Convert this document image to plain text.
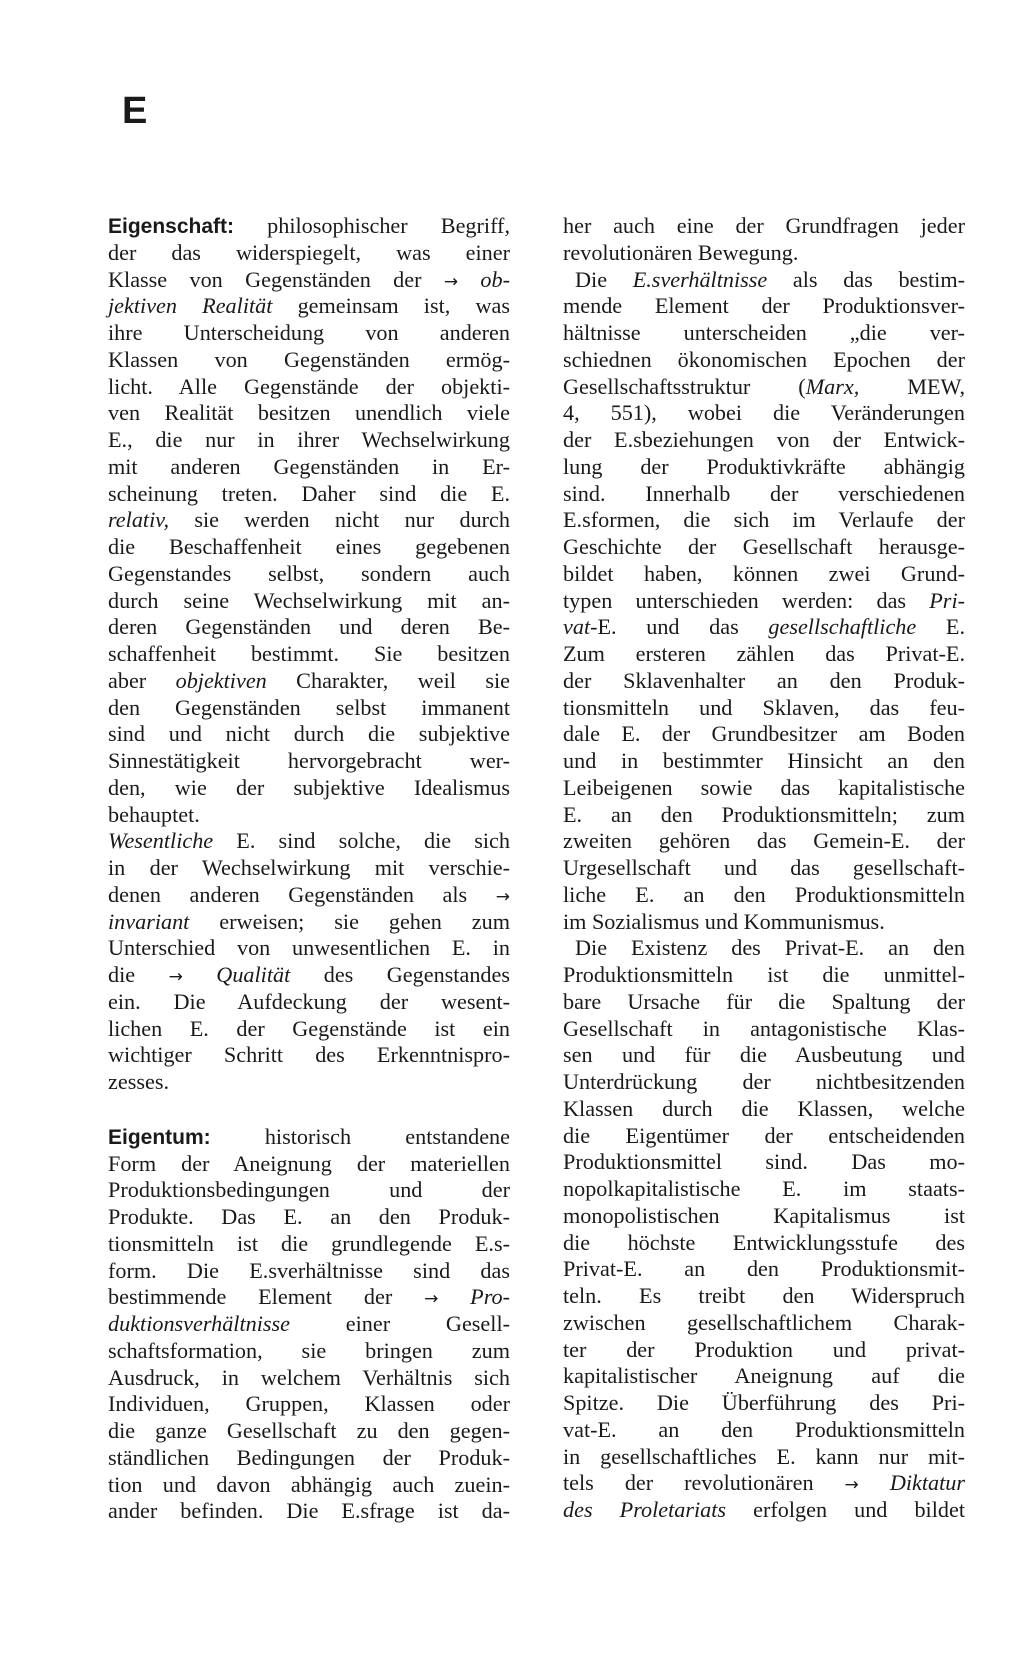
E
Eigenschaft: philosophischer Begriff,
der das widerspiegelt, was einer
Klasse von Gegenständen der → ob-
jektiven Realität gemeinsam ist, was
ihre Unterscheidung von anderen
Klassen von Gegenständen ermög-
licht. Alle Gegenstände der objekti-
ven Realität besitzen unendlich viele
E., die nur in ihrer Wechselwirkung
mit anderen Gegenständen in Er-
scheinung treten. Daher sind die E.
relativ, sie werden nicht nur durch
die Beschaffenheit eines gegebenen
Gegenstandes selbst, sondern auch
durch seine Wechselwirkung mit an-
deren Gegenständen und deren Be-
schaffenheit bestimmt. Sie besitzen
aber objektiven Charakter, weil sie
den Gegenständen selbst immanent
sind und nicht durch die subjektive
Sinnestätigkeit hervorgebracht wer-
den, wie der subjektive Idealismus
behauptet.
Wesentliche E. sind solche, die sich
in der Wechselwirkung mit verschie-
denen anderen Gegenständen als →
invariant erweisen; sie gehen zum
Unterschied von unwesentlichen E. in
die → Qualität des Gegenstandes
ein. Die Aufdeckung der wesent-
lichen E. der Gegenstände ist ein
wichtiger Schritt des Erkenntnispro-
zesses.
Eigentum: historisch entstandene
Form der Aneignung der materiellen
Produktionsbedingungen und der
Produkte. Das E. an den Produk-
tionsmitteln ist die grundlegende E.s-
form. Die E.sverhältnisse sind das
bestimmende Element der → Pro-
duktionsverhältnisse einer Gesell-
schaftsformation, sie bringen zum
Ausdruck, in welchem Verhältnis sich
Individuen, Gruppen, Klassen oder
die ganze Gesellschaft zu den gegen-
ständlichen Bedingungen der Produk-
tion und davon abhängig auch zuein-
ander befinden. Die E.sfrage ist da-
her auch eine der Grundfragen jeder
revolutionären Bewegung.
Die E.sverhältnisse als das bestim-
mende Element der Produktionsver-
hältnisse unterscheiden „die ver-
schiednen ökonomischen Epochen der
Gesellschaftsstruktur (Marx, MEW,
4, 551), wobei die Veränderungen
der E.sbeziehungen von der Entwick-
lung der Produktivkräfte abhängig
sind. Innerhalb der verschiedenen
E.sformen, die sich im Verlaufe der
Geschichte der Gesellschaft herausge-
bildet haben, können zwei Grund-
typen unterschieden werden: das Pri-
vat-E. und das gesellschaftliche E.
Zum ersteren zählen das Privat-E.
der Sklavenhalter an den Produk-
tionsmitteln und Sklaven, das feu-
dale E. der Grundbesitzer am Boden
und in bestimmter Hinsicht an den
Leibeigenen sowie das kapitalistische
E. an den Produktionsmitteln; zum
zweiten gehören das Gemein-E. der
Urgesellschaft und das gesellschaft-
liche E. an den Produktionsmitteln
im Sozialismus und Kommunismus.
Die Existenz des Privat-E. an den
Produktionsmitteln ist die unmittel-
bare Ursache für die Spaltung der
Gesellschaft in antagonistische Klas-
sen und für die Ausbeutung und
Unterdrückung der nichtbesitzenden
Klassen durch die Klassen, welche
die Eigentümer der entscheidenden
Produktionsmittel sind. Das mo-
nopolkapitalistische E. im staats-
monopolistischen Kapitalismus ist
die höchste Entwicklungsstufe des
Privat-E. an den Produktionsmit-
teln. Es treibt den Widerspruch
zwischen gesellschaftlichem Charak-
ter der Produktion und privat-
kapitalistischer Aneignung auf die
Spitze. Die Überführung des Pri-
vat-E. an den Produktionsmitteln
in gesellschaftliches E. kann nur mit-
tels der revolutionären → Diktatur
des Proletariats erfolgen und bildet
